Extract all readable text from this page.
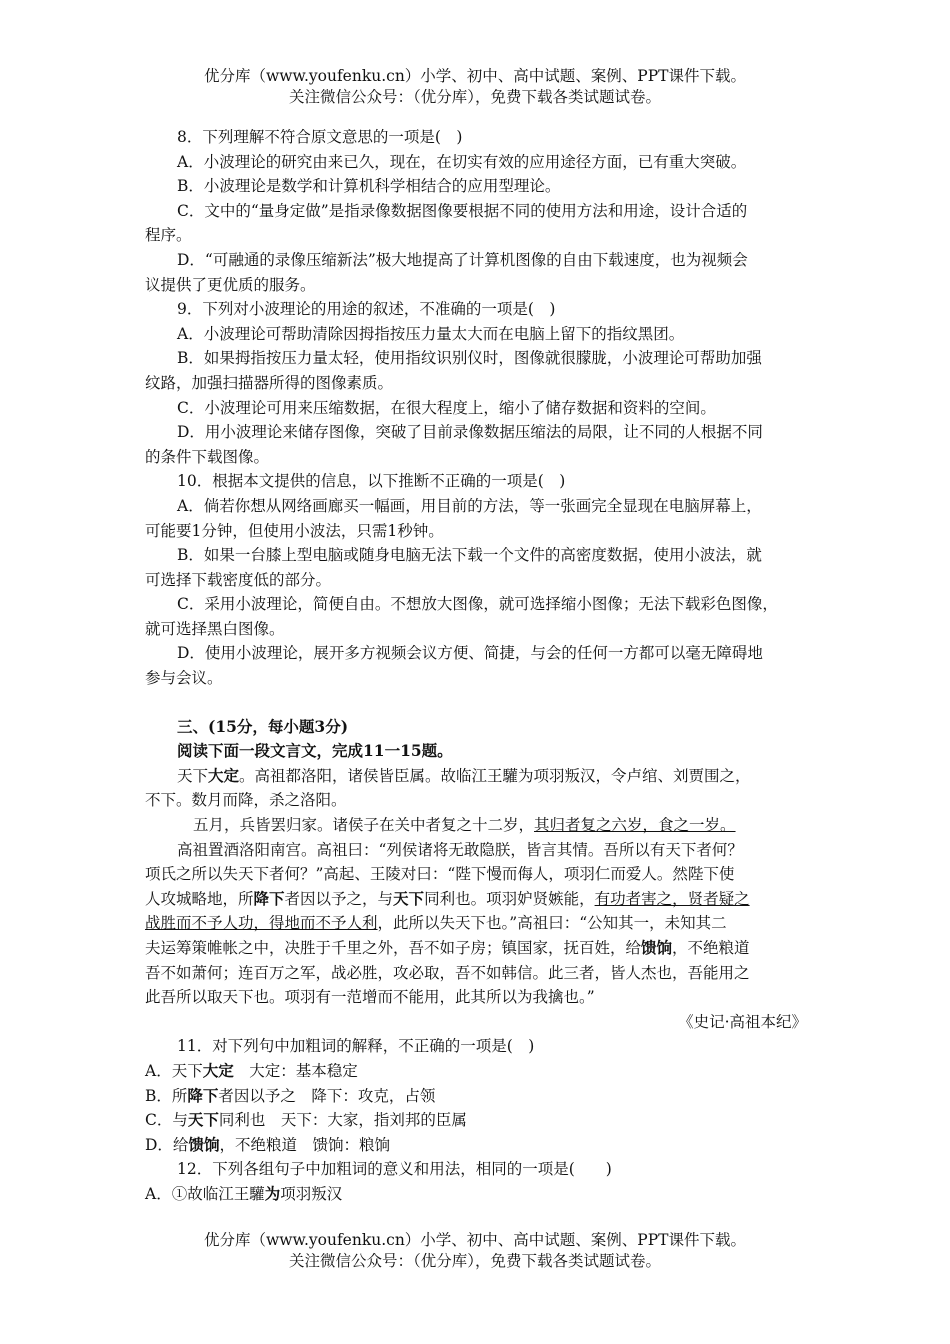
优分库（www.youfenku.cn）小学、初中、高中试题、案例、PPT课件下载。
关注微信公众号：（优分库），免费下载各类试题试卷。

8．下列理解不符合原文意思的一项是(　)

A．小波理论的研究由来已久，现在，在切实有效的应用途径方面，已有重大突破。

B．小波理论是数学和计算机科学相结合的应用型理论。

C．文中的“量身定做”是指录像数据图像要根据不同的使用方法和用途，设计合适的

程序。

D．“可融通的录像压缩新法”极大地提高了计算机图像的自由下载速度，也为视频会

议提供了更优质的服务。

9．下列对小波理论的用途的叙述，不准确的一项是(　)

A．小波理论可帮助清除因拇指按压力量太大而在电脑上留下的指纹黑团。

B．如果拇指按压力量太轻，使用指纹识别仪时，图像就很朦胧，小波理论可帮助加强

纹路，加强扫描器所得的图像素质。

C．小波理论可用来压缩数据，在很大程度上，缩小了储存数据和资料的空间。

D．用小波理论来储存图像，突破了目前录像数据压缩法的局限，让不同的人根据不同

的条件下载图像。

10．根据本文提供的信息，以下推断不正确的一项是(　)

A．倘若你想从网络画廊买一幅画，用目前的方法，等一张画完全显现在电脑屏幕上，

可能要1分钟，但使用小波法，只需1秒钟。

B．如果一台膝上型电脑或随身电脑无法下载一个文件的高密度数据，使用小波法，就

可选择下载密度低的部分。

C．采用小波理论，简便自由。不想放大图像，就可选择缩小图像；无法下载彩色图像，

就可选择黑白图像。

D．使用小波理论，展开多方视频会议方便、简捷，与会的任何一方都可以毫无障碍地

参与会议。

三、(15分，每小题3分)

阅读下面一段文言文，完成11一15题。

天下大定。高祖都洛阳，诸侯皆臣属。故临江王驩为项羽叛汉，令卢绾、刘贾围之，

不下。数月而降，杀之洛阳。

五月，兵皆罢归家。诸侯子在关中者复之十二岁，其归者复之六岁，食之一岁。

高祖置酒洛阳南宫。高祖曰：“列侯诸将无敢隐朕，皆言其情。吾所以有天下者何？

项氏之所以失天下者何？”高起、王陵对曰：“陛下慢而侮人，项羽仁而爱人。然陛下使

人攻城略地，所降下者因以予之，与天下同利也。项羽妒贤嫉能，有功者害之，贤者疑之

战胜而不予人功，得地而不予人利，此所以失天下也。”高祖曰：“公知其一，未知其二

夫运筹策帷帐之中，决胜于千里之外，吾不如子房；镇国家，抚百姓，给馈饷，不绝粮道

吾不如萧何；连百万之军，战必胜，攻必取，吾不如韩信。此三者，皆人杰也，吾能用之

此吾所以取天下也。项羽有一范增而不能用，此其所以为我擒也。”

《史记·高祖本纪》

11．对下列句中加粗词的解释，不正确的一项是(　)

A．天下大定　大定：基本稳定

B．所降下者因以予之　降下：攻克，占领

C．与天下同利也　天下：大家，指刘邦的臣属

D．给馈饷，不绝粮道　馈饷：粮饷

12．下列各组句子中加粗词的意义和用法，相同的一项是(　　)

A．①故临江王驩为项羽叛汉

优分库（www.youfenku.cn）小学、初中、高中试题、案例、PPT课件下载。
关注微信公众号：（优分库），免费下载各类试题试卷。
